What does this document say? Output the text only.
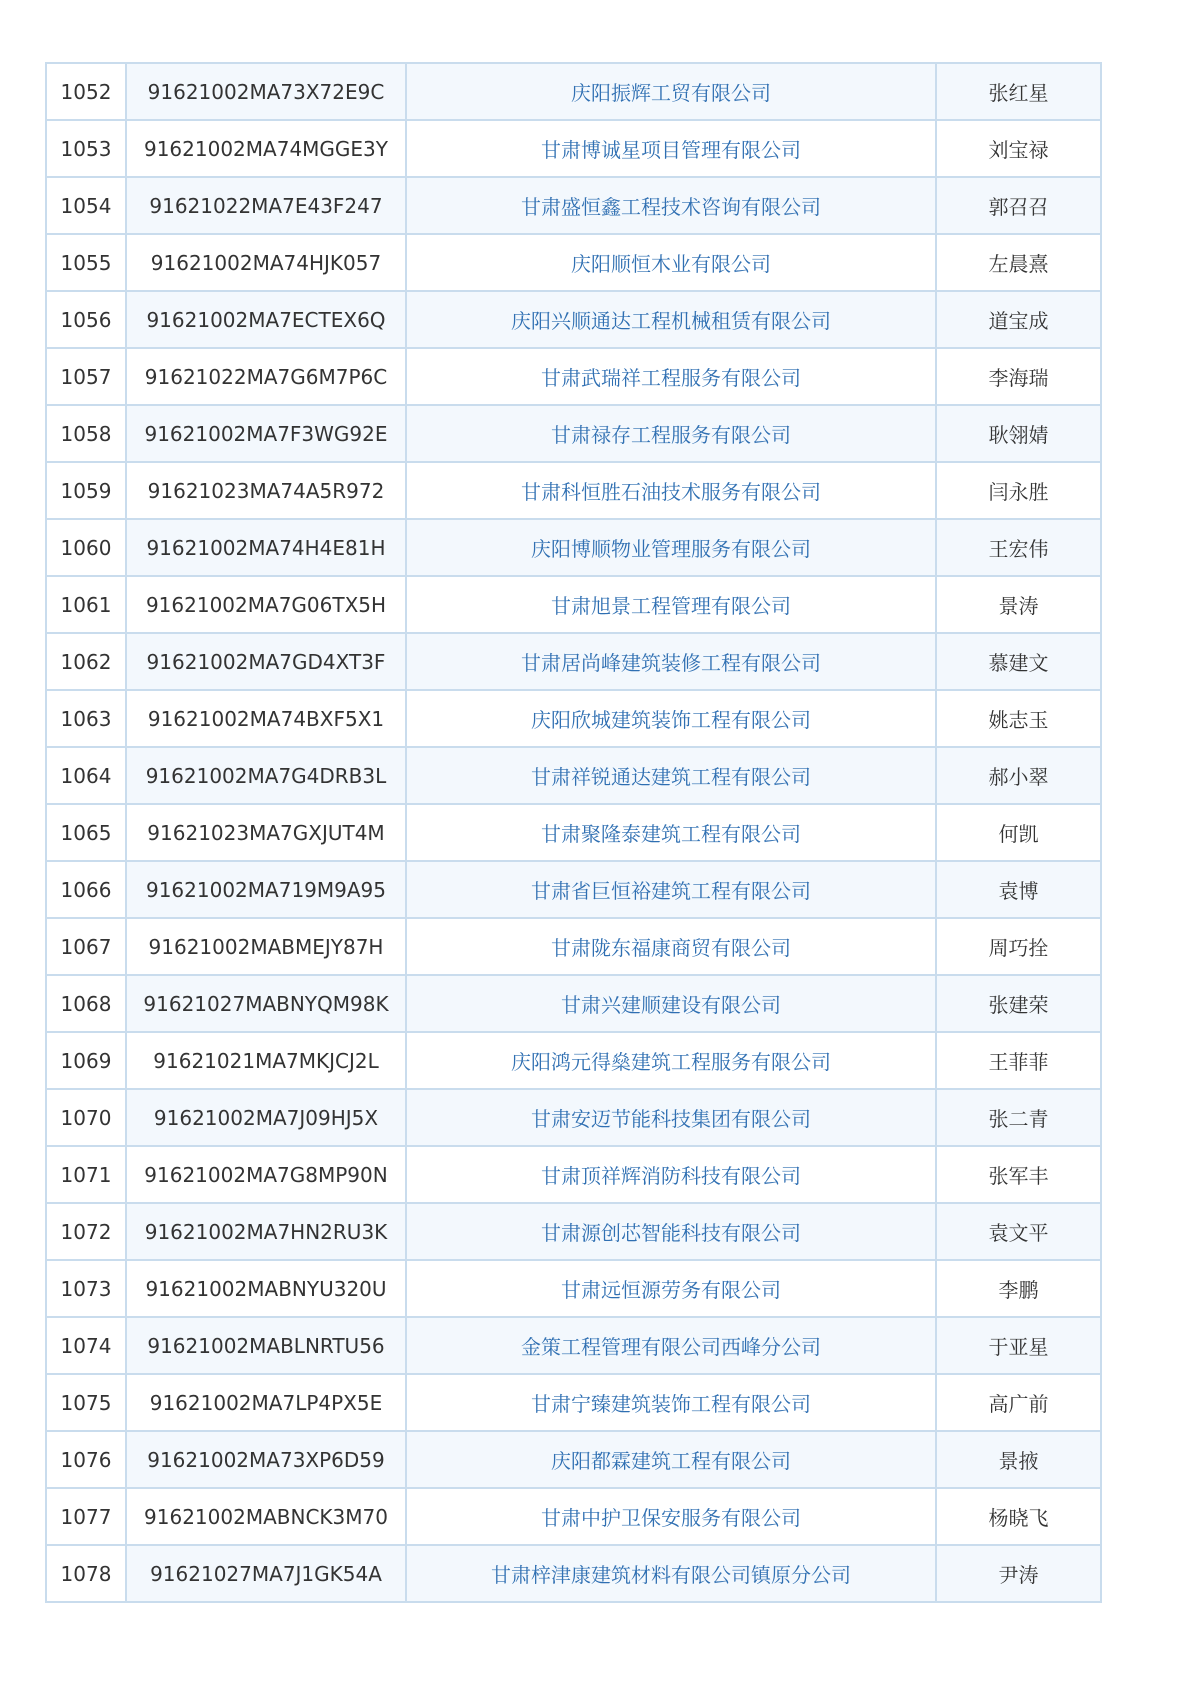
1052	91621002MA73X72E9C	庆阳振辉工贸有限公司	张红星
1053	91621002MA74MGGE3Y	甘肃博诚星项目管理有限公司	刘宝禄
1054	91621022MA7E43F247	甘肃盛恒鑫工程技术咨询有限公司	郭召召
1055	91621002MA74HJK057	庆阳顺恒木业有限公司	左晨熹
1056	91621002MA7ECTEX6Q	庆阳兴顺通达工程机械租赁有限公司	道宝成
1057	91621022MA7G6M7P6C	甘肃武瑞祥工程服务有限公司	李海瑞
1058	91621002MA7F3WG92E	甘肃禄存工程服务有限公司	耿翎婧
1059	91621023MA74A5R972	甘肃科恒胜石油技术服务有限公司	闫永胜
1060	91621002MA74H4E81H	庆阳博顺物业管理服务有限公司	王宏伟
1061	91621002MA7G06TX5H	甘肃旭景工程管理有限公司	景涛
1062	91621002MA7GD4XT3F	甘肃居尚峰建筑装修工程有限公司	慕建文
1063	91621002MA74BXF5X1	庆阳欣城建筑装饰工程有限公司	姚志玉
1064	91621002MA7G4DRB3L	甘肃祥锐通达建筑工程有限公司	郝小翠
1065	91621023MA7GXJUT4M	甘肃聚隆泰建筑工程有限公司	何凯
1066	91621002MA719M9A95	甘肃省巨恒裕建筑工程有限公司	袁博
1067	91621002MABMEJY87H	甘肃陇东福康商贸有限公司	周巧拴
1068	91621027MABNYQM98K	甘肃兴建顺建设有限公司	张建荣
1069	91621021MA7MKJCJ2L	庆阳鸿元得燊建筑工程服务有限公司	王菲菲
1070	91621002MA7J09HJ5X	甘肃安迈节能科技集团有限公司	张二青
1071	91621002MA7G8MP90N	甘肃顶祥辉消防科技有限公司	张军丰
1072	91621002MA7HN2RU3K	甘肃源创芯智能科技有限公司	袁文平
1073	91621002MABNYU320U	甘肃远恒源劳务有限公司	李鹏
1074	91621002MABLNRTU56	金策工程管理有限公司西峰分公司	于亚星
1075	91621002MA7LP4PX5E	甘肃宁臻建筑装饰工程有限公司	高广前
1076	91621002MA73XP6D59	庆阳都霖建筑工程有限公司	景掖
1077	91621002MABNCK3M70	甘肃中护卫保安服务有限公司	杨晓飞
1078	91621027MA7J1GK54A	甘肃梓津康建筑材料有限公司镇原分公司	尹涛
